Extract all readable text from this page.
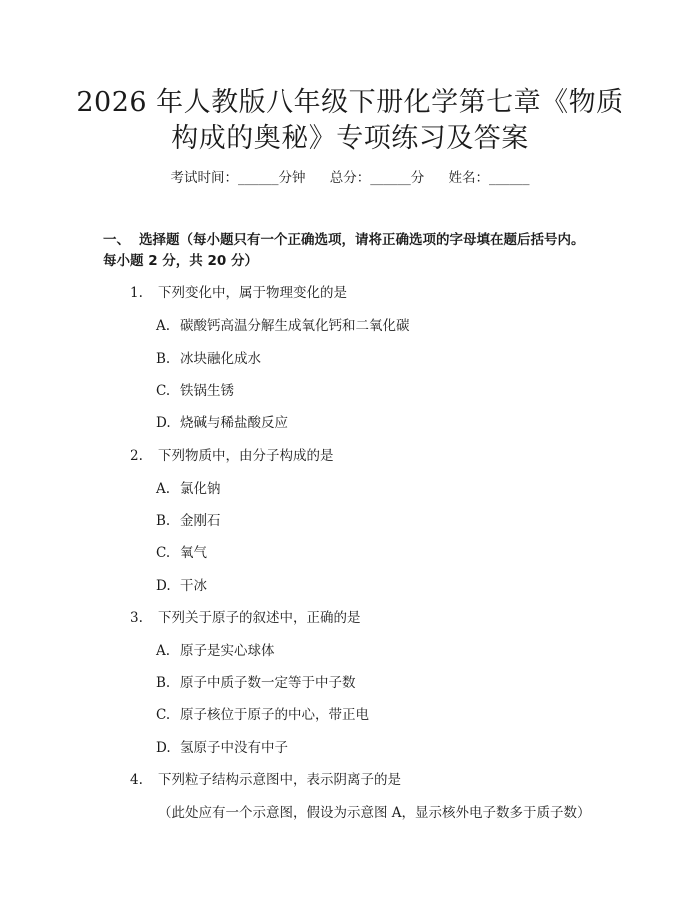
2026 年人教版八年级下册化学第七章《物质
构成的奥秘》专项练习及答案
考试时间：______分钟 总分：______分 姓名：______
一、 选择题（每小题只有一个正确选项，请将正确选项的字母填在题后括号内。
每小题 2 分，共 20 分）
1. 下列变化中，属于物理变化的是
A. 碳酸钙高温分解生成氧化钙和二氧化碳
B. 冰块融化成水
C. 铁锅生锈
D. 烧碱与稀盐酸反应
2. 下列物质中，由分子构成的是
A. 氯化钠
B. 金刚石
C. 氧气
D. 干冰
3. 下列关于原子的叙述中，正确的是
A. 原子是实心球体
B. 原子中质子数一定等于中子数
C. 原子核位于原子的中心，带正电
D. 氢原子中没有中子
4. 下列粒子结构示意图中，表示阴离子的是
（此处应有一个示意图，假设为示意图 A，显示核外电子数多于质子数）
